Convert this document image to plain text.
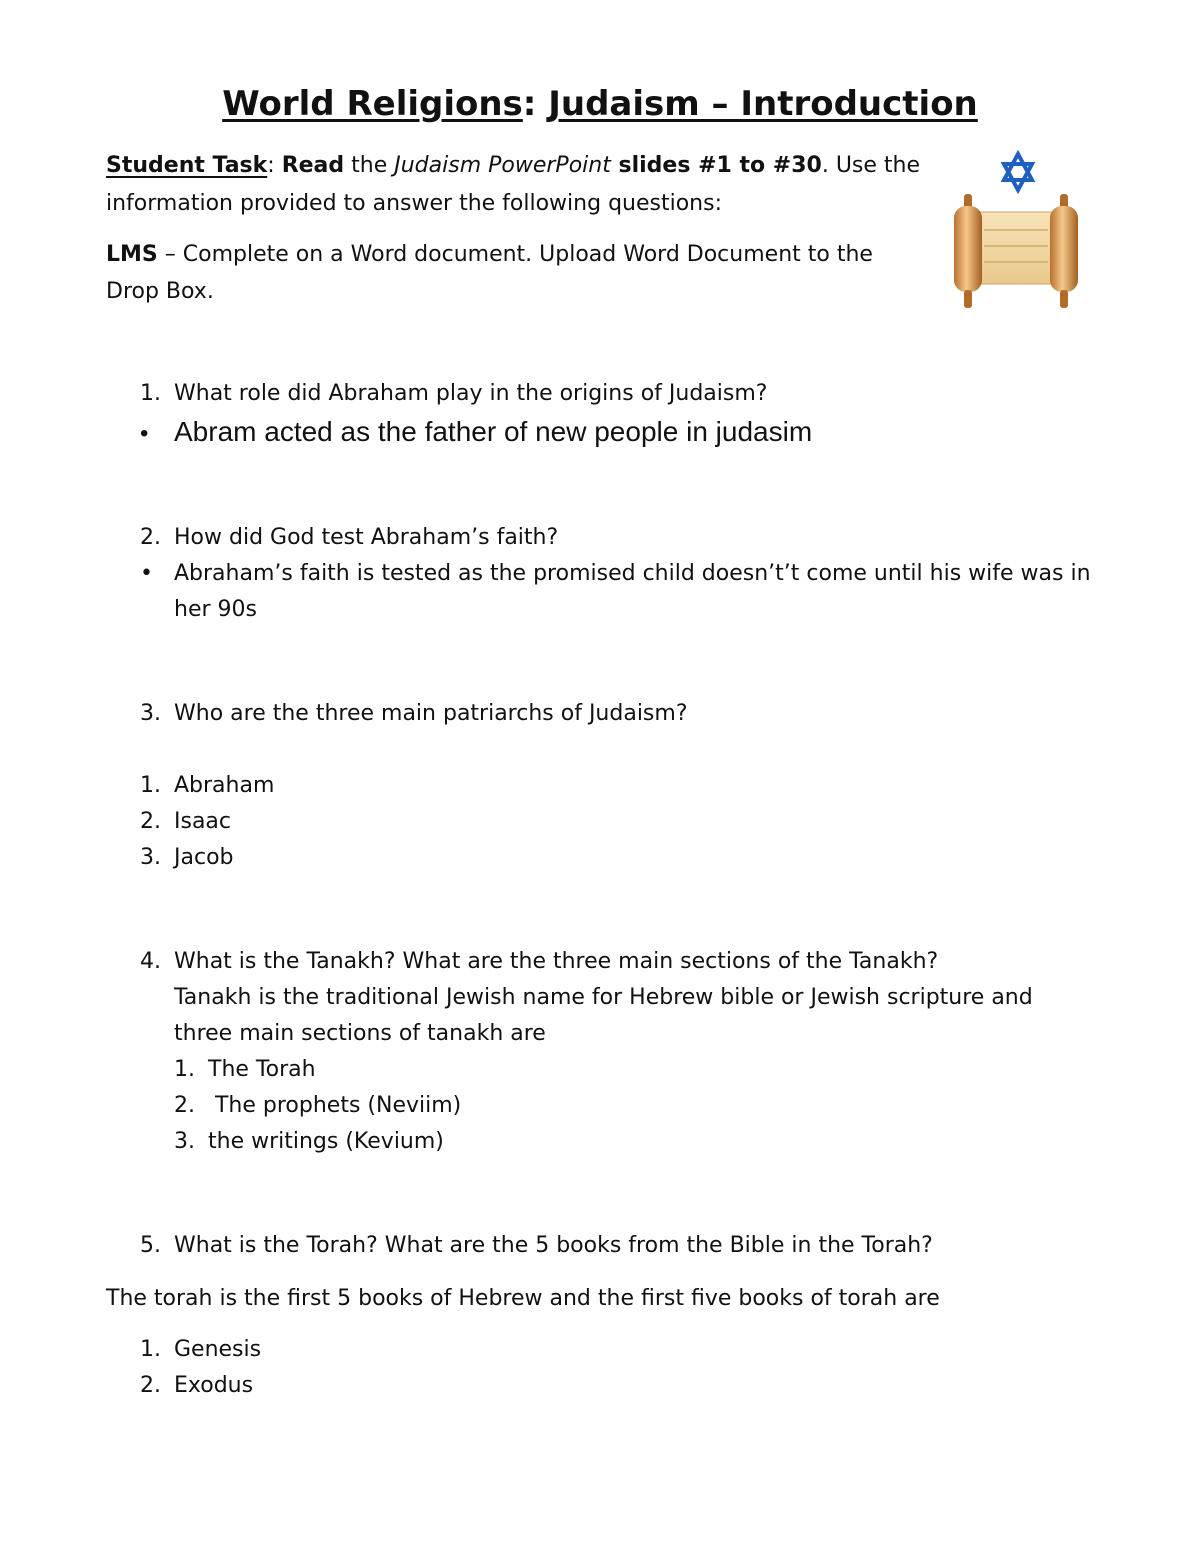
World Religions: Judaism – Introduction
Student Task: Read the Judaism PowerPoint slides #1 to #30. Use the
information provided to answer the following questions:
LMS – Complete on a Word document. Upload Word Document to the
Drop Box.
1. What role did Abraham play in the origins of Judaism?
• Abram acted as the father of new people in judasim
2. How did God test Abraham’s faith?
• Abraham’s faith is tested as the promised child doesn’t’t come until his wife was in
her 90s
3. Who are the three main patriarchs of Judaism?
1. Abraham
2. Isaac
3. Jacob
4. What is the Tanakh? What are the three main sections of the Tanakh?
Tanakh is the traditional Jewish name for Hebrew bible or Jewish scripture and
three main sections of tanakh are
1. The Torah
2. The prophets (Neviim)
3. the writings (Kevium)
5. What is the Torah? What are the 5 books from the Bible in the Torah?
The torah is the first 5 books of Hebrew and the first five books of torah are
1. Genesis
2. Exodus
